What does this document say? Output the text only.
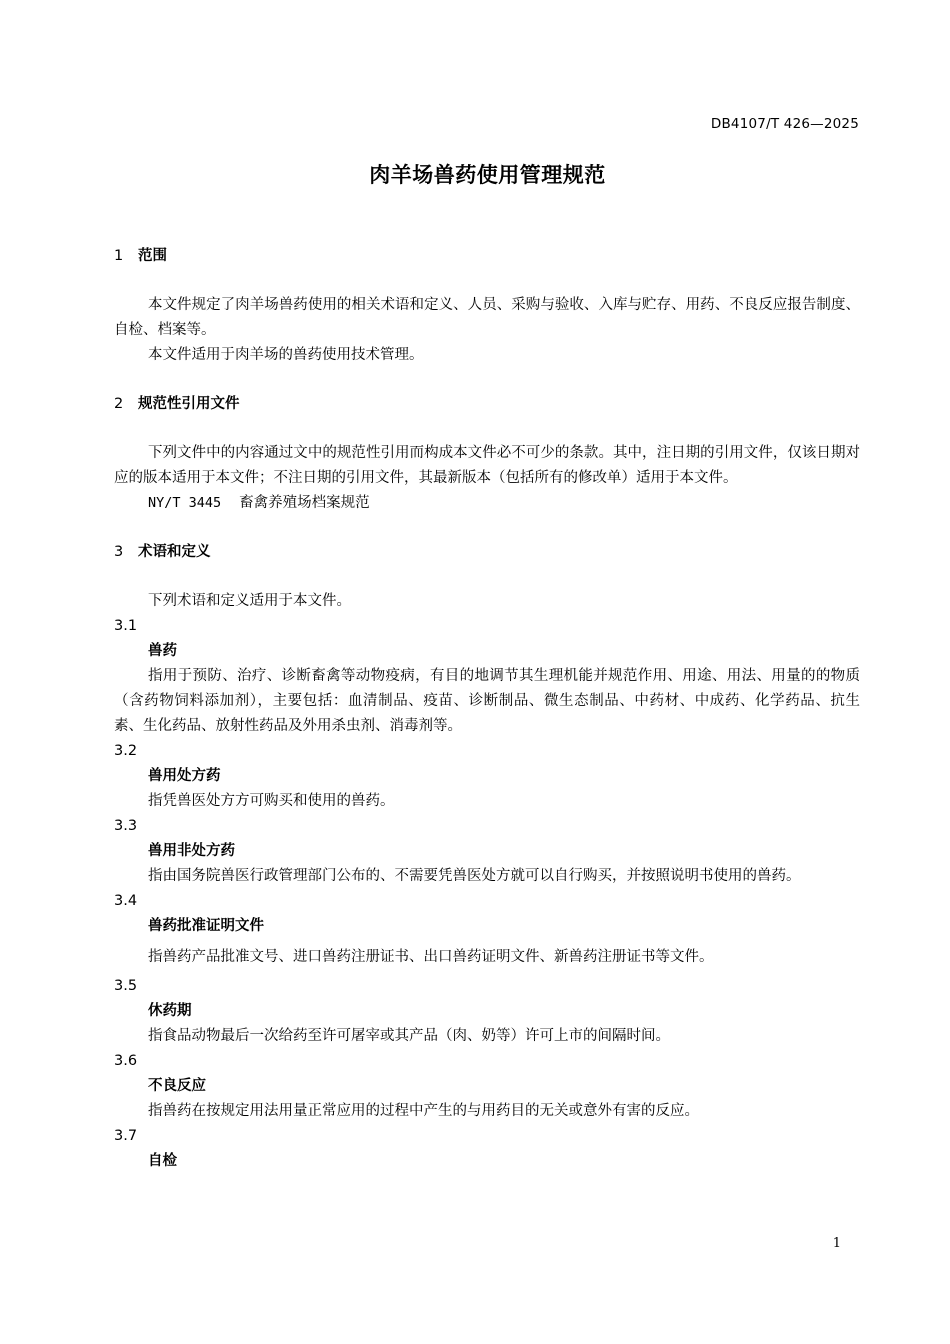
DB4107/T 426—2025
肉羊场兽药使用管理规范

1 范围

本文件规定了肉羊场兽药使用的相关术语和定义、人员、采购与验收、入库与贮存、用药、不良反应报告制度、自检、档案等。

本文件适用于肉羊场的兽药使用技术管理。

2 规范性引用文件

下列文件中的内容通过文中的规范性引用而构成本文件必不可少的条款。其中，注日期的引用文件，仅该日期对应的版本适用于本文件；不注日期的引用文件，其最新版本（包括所有的修改单）适用于本文件。

NY/T 3445 畜禽养殖场档案规范

3 术语和定义

下列术语和定义适用于本文件。

3.1

兽药

指用于预防、治疗、诊断畜禽等动物疫病，有目的地调节其生理机能并规范作用、用途、用法、用量的的物质（含药物饲料添加剂），主要包括：血清制品、疫苗、诊断制品、微生态制品、中药材、中成药、化学药品、抗生素、生化药品、放射性药品及外用杀虫剂、消毒剂等。

3.2

兽用处方药

指凭兽医处方方可购买和使用的兽药。

3.3

兽用非处方药

指由国务院兽医行政管理部门公布的、不需要凭兽医处方就可以自行购买，并按照说明书使用的兽药。

3.4

兽药批准证明文件

指兽药产品批准文号、进口兽药注册证书、出口兽药证明文件、新兽药注册证书等文件。

3.5

休药期

指食品动物最后一次给药至许可屠宰或其产品（肉、奶等）许可上市的间隔时间。

3.6

不良反应

指兽药在按规定用法用量正常应用的过程中产生的与用药目的无关或意外有害的反应。

3.7

自检

1
